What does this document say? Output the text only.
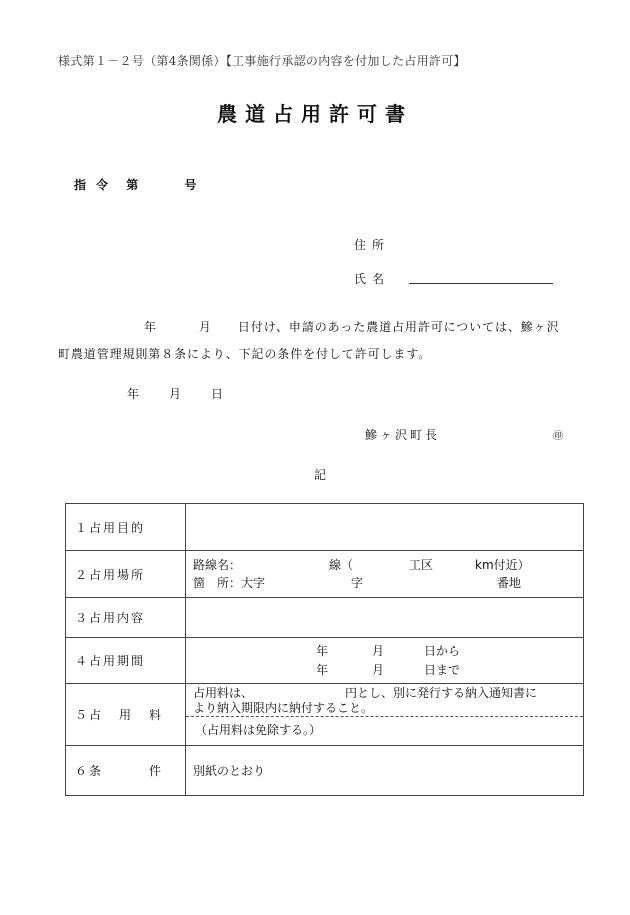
様式第１－２号（第4条関係）【工事施行承認の内容を付加した占用許可】
農道占用許可書
指令 第	号
住所
氏名
年	月 日付け、申請のあった農道占用許可については、鰺ヶ沢
町農道管理規則第８条により、下記の条件を付して許可します。
年	月	日
鰺ヶ沢町長	㊞
記
１占用目的	
２占用場所	路線名： 線（ 工区 km付近）
箇　所：大字 字 番地

３占用内容	
４占用期間	年 月 日から
年 月 日まで

５占 用 料	占用料は、 円とし、別に発行する納入通知書に
より納入期限内に納付すること。
（占用料は免除する。）

６条 件	別紙のとおり
